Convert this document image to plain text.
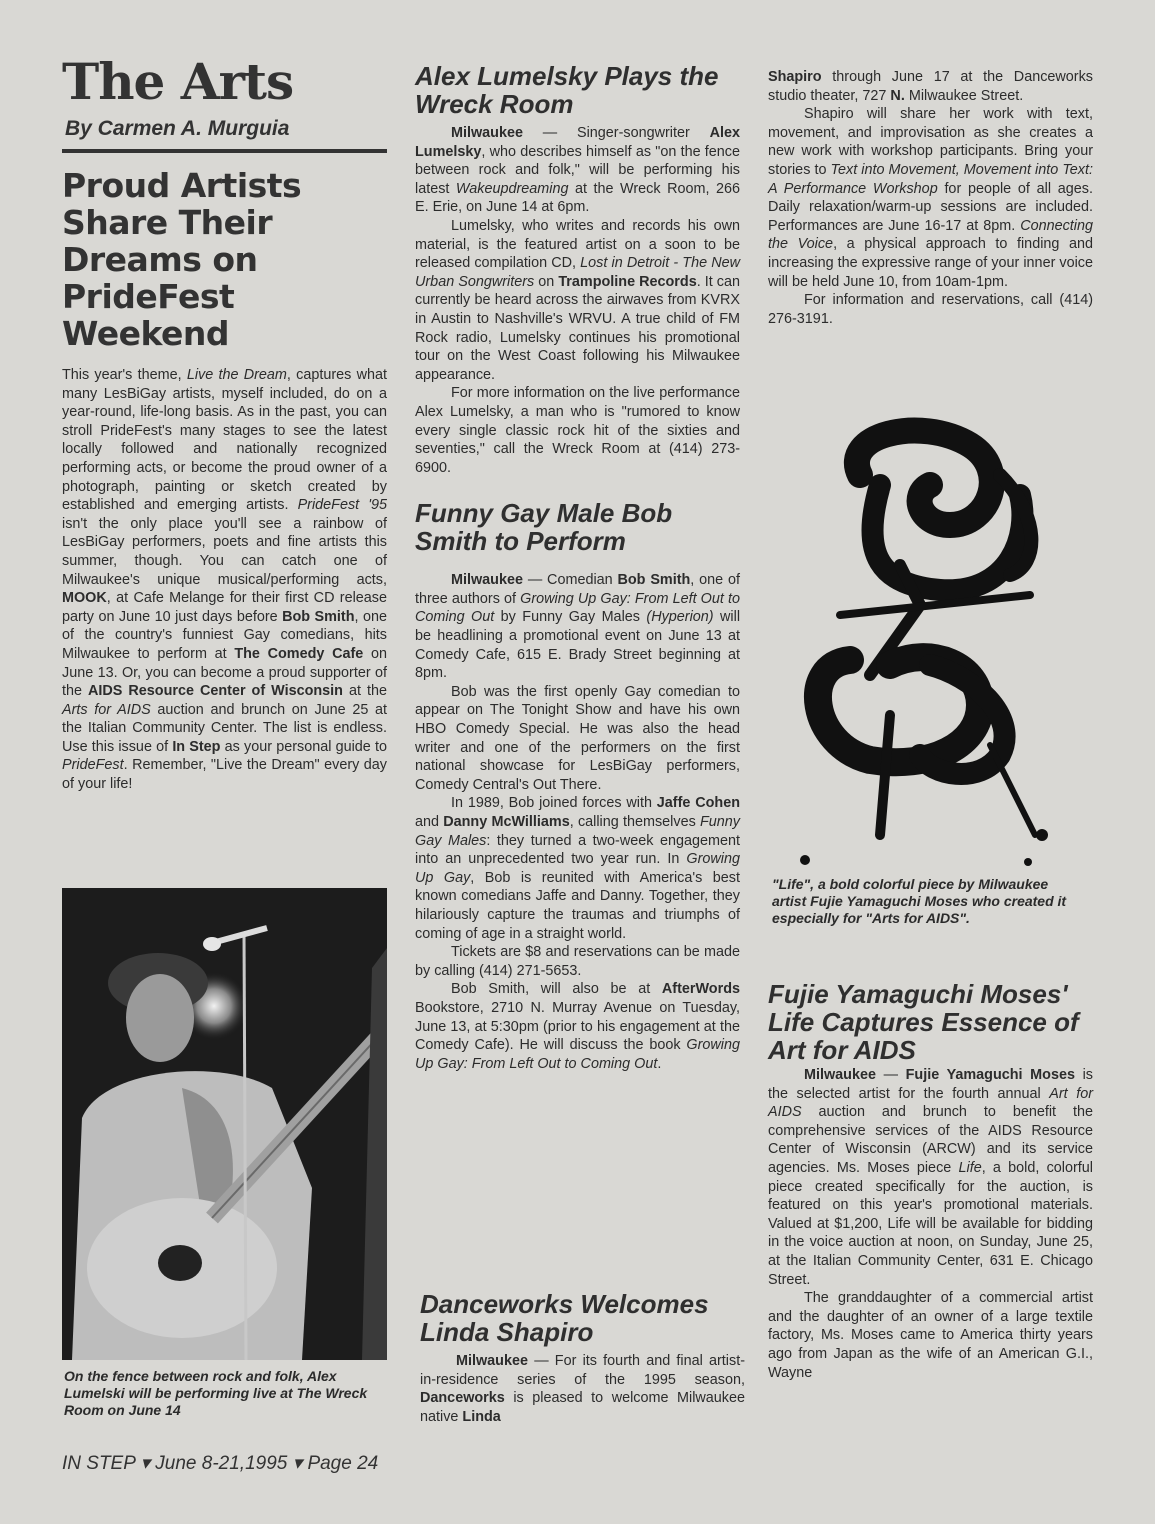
The Arts
By Carmen A. Murguia
Proud Artists Share Their Dreams on PrideFest Weekend

This year's theme, Live the Dream, captures what many LesBiGay artists, myself included, do on a year-round, life-long basis. As in the past, you can stroll PrideFest's many stages to see the latest locally followed and nationally recognized performing acts, or become the proud owner of a photograph, painting or sketch created by established and emerging artists. PrideFest '95 isn't the only place you'll see a rainbow of LesBiGay performers, poets and fine artists this summer, though. You can catch one of Milwaukee's unique musical/performing acts, MOOK, at Cafe Melange for their first CD release party on June 10 just days before Bob Smith, one of the country's funniest Gay comedians, hits Milwaukee to perform at The Comedy Cafe on June 13. Or, you can become a proud supporter of the AIDS Resource Center of Wisconsin at the Arts for AIDS auction and brunch on June 25 at the Italian Community Center. The list is endless. Use this issue of In Step as your personal guide to PrideFest. Remember, "Live the Dream" every day of your life!

On the fence between rock and folk, Alex Lumelski will be performing live at The Wreck Room on June 14
IN STEP ▾ June 8-21,1995 ▾ Page 24
Alex Lumelsky Plays the Wreck Room

Milwaukee — Singer-songwriter Alex Lumelsky, who describes himself as "on the fence between rock and folk," will be performing his latest Wakeupdreaming at the Wreck Room, 266 E. Erie, on June 14 at 6pm.

Lumelsky, who writes and records his own material, is the featured artist on a soon to be released compilation CD, Lost in Detroit - The New Urban Songwriters on Trampoline Records. It can currently be heard across the airwaves from KVRX in Austin to Nashville's WRVU. A true child of FM Rock radio, Lumelsky continues his promotional tour on the West Coast following his Milwaukee appearance.

For more information on the live performance Alex Lumelsky, a man who is "rumored to know every single classic rock hit of the sixties and seventies," call the Wreck Room at (414) 273-6900.

Funny Gay Male Bob Smith to Perform

Milwaukee — Comedian Bob Smith, one of three authors of Growing Up Gay: From Left Out to Coming Out by Funny Gay Males (Hyperion) will be headlining a promotional event on June 13 at Comedy Cafe, 615 E. Brady Street beginning at 8pm.

Bob was the first openly Gay comedian to appear on The Tonight Show and have his own HBO Comedy Special. He was also the head writer and one of the performers on the first national showcase for LesBiGay performers, Comedy Central's Out There.

In 1989, Bob joined forces with Jaffe Cohen and Danny McWilliams, calling themselves Funny Gay Males: they turned a two-week engagement into an unprecedented two year run. In Growing Up Gay, Bob is reunited with America's best known comedians Jaffe and Danny. Together, they hilariously capture the traumas and triumphs of coming of age in a straight world.

Tickets are $8 and reservations can be made by calling (414) 271-5653.

Bob Smith, will also be at AfterWords Bookstore, 2710 N. Murray Avenue on Tuesday, June 13, at 5:30pm (prior to his engagement at the Comedy Cafe). He will discuss the book Growing Up Gay: From Left Out to Coming Out.

Danceworks Welcomes Linda Shapiro

Milwaukee — For its fourth and final artist-in-residence series of the 1995 season, Danceworks is pleased to welcome Milwaukee native Linda

Shapiro through June 17 at the Danceworks studio theater, 727 N. Milwaukee Street.

Shapiro will share her work with text, movement, and improvisation as she creates a new work with workshop participants. Bring your stories to Text into Movement, Movement into Text: A Performance Workshop for people of all ages. Daily relaxation/warm-up sessions are included. Performances are June 16-17 at 8pm. Connecting the Voice, a physical approach to finding and increasing the expressive range of your inner voice will be held June 10, from 10am-1pm.

For information and reservations, call (414) 276-3191.

"Life", a bold colorful piece by Milwaukee artist Fujie Yamaguchi Moses who created it especially for "Arts for AIDS".
Fujie Yamaguchi Moses' Life Captures Essence of Art for AIDS

Milwaukee — Fujie Yamaguchi Moses is the selected artist for the fourth annual Art for AIDS auction and brunch to benefit the comprehensive services of the AIDS Resource Center of Wisconsin (ARCW) and its service agencies. Ms. Moses piece Life, a bold, colorful piece created specifically for the auction, is featured on this year's promotional materials. Valued at $1,200, Life will be available for bidding in the voice auction at noon, on Sunday, June 25, at the Italian Community Center, 631 E. Chicago Street.

The granddaughter of a commercial artist and the daughter of an owner of a large textile factory, Ms. Moses came to America thirty years ago from Japan as the wife of an American G.I., Wayne
